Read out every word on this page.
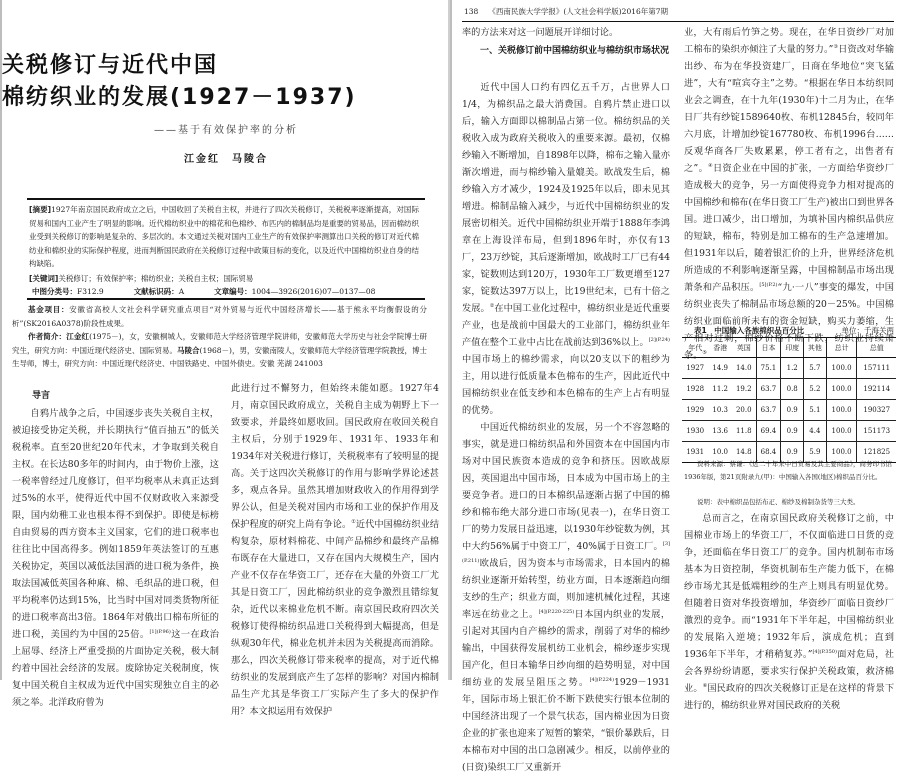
关税修订与近代中国
棉纺织业的发展(1927－1937)
——基于有效保护率的分析
江金红　马陵合
[摘要]1927年南京国民政府成立之后，中国收回了关税自主权，并进行了四次关税修订，关税税率逐渐提高，对国际贸易和国内工业产生了明显的影响。近代棉纺织业中的棉花和色棉纱、布匹内的棉制品均是重要的贸易品，因而棉纺织业受到关税修订的影响是复杂的、多层次的。本文通过关税对国内工业生产的有效保护率测算出口关税的修订对近代棉纺业和棉织业的实际保护程度，进而判断国民政府在关税修订过程中政策目标的变化，以及近代中国棉纺织业自身的结构缺陷。
[关键词]关税修订；有效保护率；棉纺织业；关税自主权；国际贸易
中图分类号：F312.9	文献标识码：A	文章编号：1004—3926(2016)07—0137—08
基金项目：安徽省高校人文社会科学研究重点项目“对外贸易与近代中国经济增长——基于熊永平均衡假设的分析”(SK2016A0378)阶段性成果。
作者简介：江金红(1975－)，女，安徽桐城人，安徽师范大学经济管理学院讲师，安徽师范大学历史与社会学院博士研究生，研究方向：中国近现代经济史、国际贸易。马陵合(1968－)，男，安徽南陵人，安徽师范大学经济管理学院教授，博士生导师，博士，研究方向：中国近现代经济史、中国铁路史、中国外债史。安徽 芜湖 241003
导言

自鸦片战争之后，中国逐步丧失关税自主权，被迫接受协定关税，并长期执行“值百抽五”的低关税税率。直至20世纪20年代末，才争取到关税自主权。在长达80多年的时间内，由于物价上涨，这一税率曾经过几度修订，但平均税率从未真正达到过5%的水平，使得近代中国不仅财政收入来源受限，国内幼稚工业也根本得不到保护。即使是标榜自由贸易的西方资本主义国家，它们的进口税率也往往比中国高得多。例如1859年英法签订的互惠关税协定，英国以减低法国酒的进口税为条件，换取法国减低英国各种麻、棉、毛织品的进口税，但平均税率仍达到15%，比当时中国对同类货物所征的进口税率高出3倍。1864年对俄出口棉布所征的进口税，美国约为中国的25倍。$^{[1](P.96)}$这一在政治上屈辱、经济上严重受损的片面协定关税，极大制约着中国社会经济的发展。废除协定关税制度，恢复中国关税自主权成为近代中国实现独立自主的必须之举。北洋政府曾为

此进行过不懈努力，但始终未能如愿。1927年4月，南京国民政府成立，关税自主成为朝野上下一致要求，并最终如愿收回。国民政府在收回关税自主权后，分别于1929年、1931年、1933年和1934年对关税进行修订，关税税率有了较明显的提高。关于这四次关税修订的作用与影响学界论述甚多，观点各异。虽然其增加财政收入的作用得到学界公认，但是关税对国内市场和工业的保护作用及保护程度的研究上尚有争论。①近代中国棉纺织业结构复杂，原材料棉花、中间产品棉纱和最终产品棉布既存在大量进口，又存在国内大规模生产，国内产业不仅存在华资工厂，还存在大量的外资工厂尤其是日资工厂，因此棉纺织业的竞争激烈且错综复杂，近代以来棉业危机不断。南京国民政府四次关税修订使得棉纺织品进口关税得到大幅提高，但是纵观30年代，棉业危机并未因为关税提高而消除。那么，四次关税修订带来税率的提高，对于近代棉纺织业的发展到底产生了怎样的影响？对国内棉制品生产尤其是华资工厂实际产生了多大的保护作用？本文拟运用有效保护

138 《西南民族大学学报》(人文社会科学版)2016年第7期

率的方法来对这一问题展开详细讨论。

一、关税修订前中国棉纺织业与棉纺织市场状况

近代中国人口约有四亿五千万，占世界人口1/4，为棉织品之最大消费国。自鸦片禁止进口以后，输入方面即以棉制品占第一位。棉纺织品的关税收入成为政府关税收入的重要来源。最初，仅棉纱输入不断增加，自1898年以降，棉布之输入量亦渐次增进，而与棉纱输入量媲美。欧战发生后，棉纱输入方才减少，1924及1925年以后，即未见其增进。棉制品输入减少，与近代中国棉纺织业的发展密切相关。近代中国棉纺织业开端于1888年李鸿章在上海设洋布局，但到1896年时，亦仅有13厂，23万纱锭，其后逐渐增加，欧战时工厂已有44家，锭数则达到120万，1930年工厂数更增至127家，锭数达397万以上，比19世纪末，已有十倍之发展。②在中国工业化过程中，棉纺织业是近代重要产业，也是战前中国最大的工业部门，棉纺织业年产值在整个工业中占比在战前达到36%以上。$^{[2](P.24)}$中国市场上的棉纱需求，向以20支以下的粗纱为主，用以进行低质量本色棉布的生产，因此近代中国棉纺织业在低支纱和本色棉布的生产上占有明显的优势。

中国近代棉纺织业的发展，另一个不容忽略的事实，就是进口棉纺织品和外国资本在中国国内市场对中国民族资本造成的竞争和挤压。因欧战原因，英国退出中国市场，日本成为中国市场上的主要竞争者。进口的日本棉织品逐渐占据了中国的棉纱和棉布绝大部分进口市场(见表一)，在华日资工厂的势力发展日益迅速，以1930年纱锭数为例，其中大约56%属于中资工厂，40%属于日资工厂。$^{[3](P.211)}$欧战后，因为资本与市场需求，日本国内的棉纺织业逐渐开始转型，纺业方面，日本逐渐趋向细支纱的生产；织业方面，则加速机械化过程，其速率远在纺业之上。$^{[4](P.220-225)}$日本国内织业的发展，引起对其国内自产棉纱的需求，削弱了对华的棉纱输出，中国获得发展机纺工业机会，棉纱逐步实现国产化，但日本输华日纱向细的趋势明显，对中国细纺业的发展呈阻压之势。$^{[4](P.224)}$1929－1931年，国际市场上银汇价不断下跌使实行银本位制的中国经济出现了一个景气状态，国内棉业因为日资企业的扩张也迎来了短暂的繁荣，“银价暴跌后，日本棉布对中国的出口急剧减少。相反，以前停业的(日资)染织工厂又重新开

业，大有雨后竹笋之势。现在，在华日资纱厂对加工棉布的染织亦倾注了大量的努力。”③日资改对华输出纱、布为在华投资建厂，日商在华地位“突飞猛进”，大有“喧宾夺主”之势。“根据在华日本纺织同业会之调查，在十九年(1930年)十二月为止，在华日厂共有纱锭1589640枚、布机12845台，较同年六月底，计增加纱锭167780枚、布机1996台……反观华商各厂失败累累，停工者有之，出售者有之”。④日资企业在中国的扩张，一方面给华资纱厂造成极大的竞争，另一方面使得竞争力相对提高的中国棉纱和棉布(在华日资工厂生产)被出口到世界各国。进口减少，出口增加，为填补国内棉织品供应的短缺，棉布，特别是加工棉布的生产急速增加。但1931年以后，随着银汇价的上升，世界经济危机所造成的不利影响逐渐呈露，中国棉制品市场出现萧条和产品积压。$^{[5](P.2)}$“九·一八”事变的爆发，中国纺织业丧失了棉制品市场总额的20－25%。中国棉纺织业面临前所未有的资金短缺，购买力萎缩，生产相对过剩，棉纱价格不断下跌，纺织业持续萧条。⑤

表1　中国输入各族棉织品百分比	单位：千海关两
年代	香港	英国	日本	印度	其他	总计	总值
1927	14.9	14.0	75.1	1.2	5.7	100.0	157111
1928	11.2	19.2	63.7	0.8	5.2	100.0	192114
1929	10.3	20.0	63.7	0.9	5.1	100.0	190327
1930	13.6	11.8	69.4	0.9	4.4	100.0	151173
1931	10.0	14.8	68.4	0.9	5.9	100.0	121825
资料来源：蔡谦：《近二十年来中日贸易及其主要商品》，商务印书馆1936年版，第21页附录九(甲)：中国输入各国(地区)棉织品百分比。
说明：表中棉织品包括布疋、棉纱及棉制杂货等三大类。

总而言之，在南京国民政府关税修订之前，中国棉业市场上的华资工厂，不仅面临进口日货的竞争，还面临在华日资工厂的竞争。国内机制布市场基本为日资控制，华资机制布生产能力低下，在棉纱市场尤其是低端粗纱的生产上则具有明显优势。但随着日资对华投资增加，华资纱厂面临日资纱厂激烈的竞争。而“1931年下半年起，中国棉纺织业的发展陷入逆境；1932年后，演成危机；直到1936年下半年，才稍稍复苏。”$^{[4](P.350)}$面对危局，社会各界纷纷请愿，要求实行保护关税政策，救济棉业。⑥国民政府的四次关税修订正是在这样的背景下进行的，棉纺织业界对国民政府的关税
